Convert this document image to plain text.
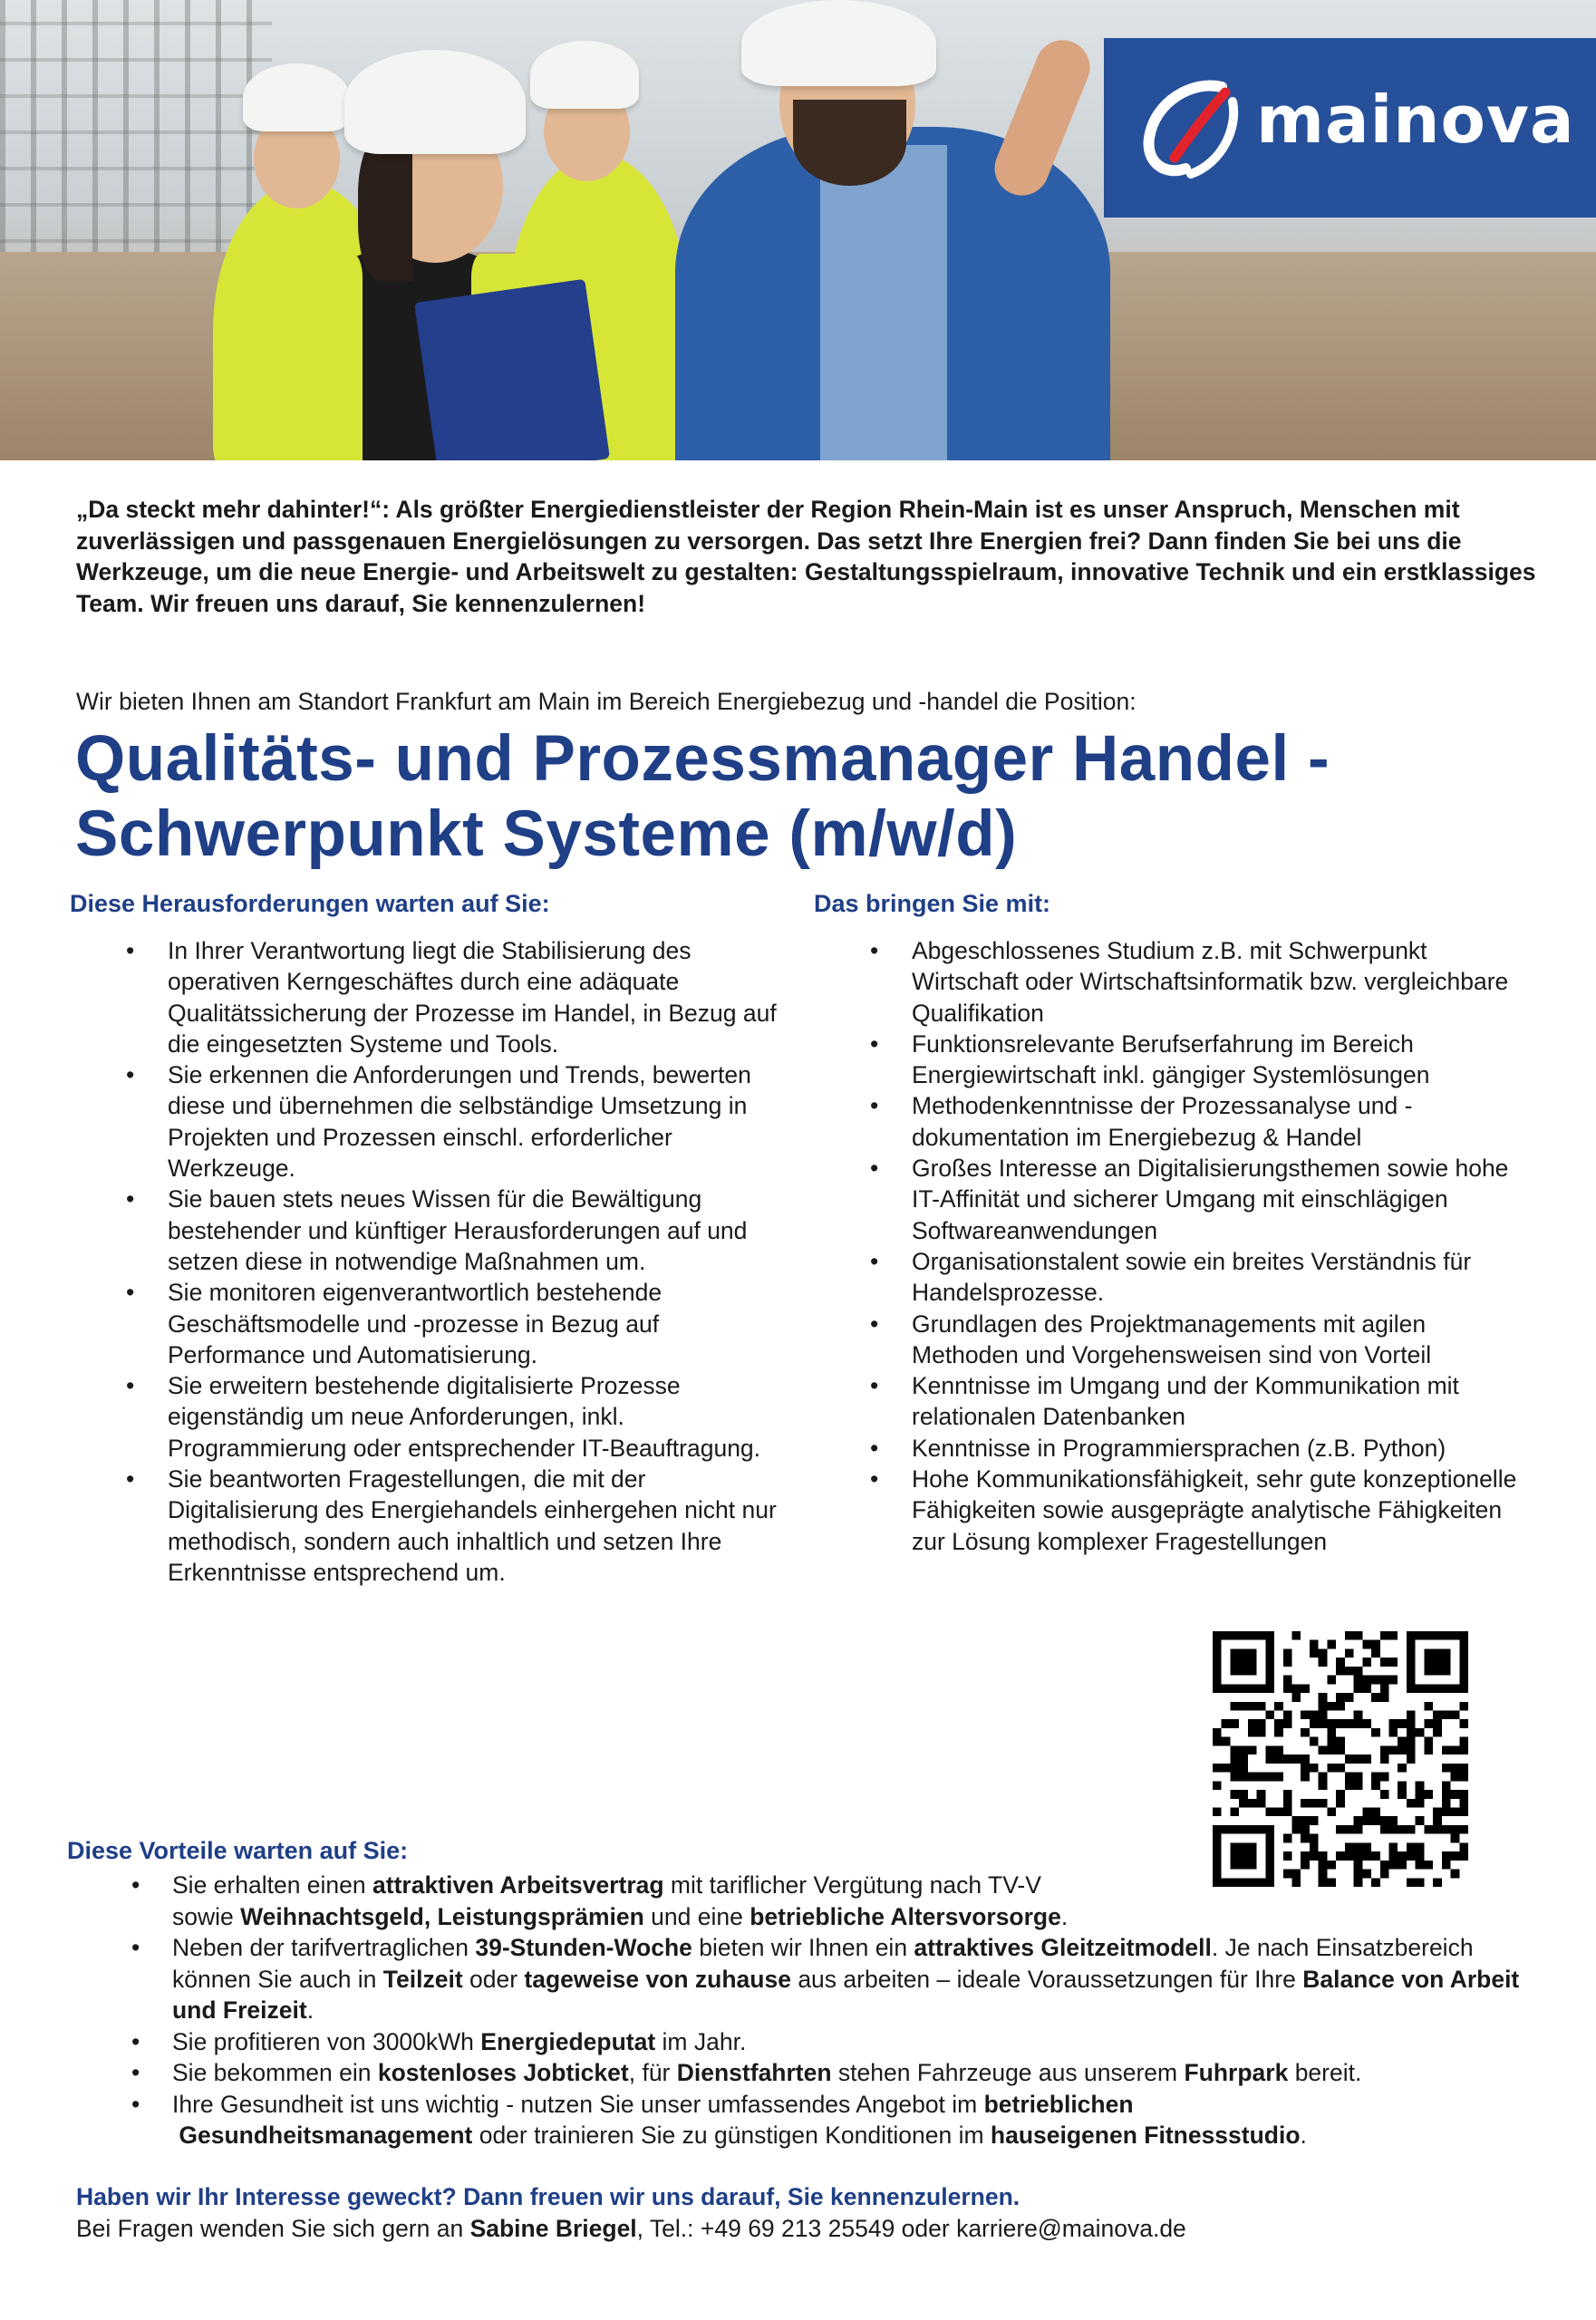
mainova
„Da steckt mehr dahinter!“: Als größter Energiedienstleister der Region Rhein-Main ist es unser Anspruch, Menschen mit zuverlässigen und passgenauen Energielösungen zu versorgen. Das setzt Ihre Energien frei? Dann finden Sie bei uns die Werkzeuge, um die neue Energie- und Arbeitswelt zu gestalten: Gestaltungsspielraum, innovative Technik und ein erstklassiges Team. Wir freuen uns darauf, Sie kennenzulernen!
Wir bieten Ihnen am Standort Frankfurt am Main im Bereich Energiebezug und -handel die Position:
Qualitäts- und Prozessmanager Handel -
Schwerpunkt Systeme (m/w/d)
Diese Herausforderungen warten auf Sie:
• In Ihrer Verantwortung liegt die Stabilisierung des operativen Kerngeschäftes durch eine adäquate Qualitätssicherung der Prozesse im Handel, in Bezug auf die eingesetzten Systeme und Tools.
• Sie erkennen die Anforderungen und Trends, bewerten diese und übernehmen die selbständige Umsetzung in Projekten und Prozessen einschl. erforderlicher Werkzeuge.
• Sie bauen stets neues Wissen für die Bewältigung bestehender und künftiger Herausforderungen auf und setzen diese in notwendige Maßnahmen um.
• Sie monitoren eigenverantwortlich bestehende Geschäftsmodelle und -prozesse in Bezug auf Performance und Automatisierung.
• Sie erweitern bestehende digitalisierte Prozesse eigenständig um neue Anforderungen, inkl. Programmierung oder entsprechender IT-Beauftragung.
• Sie beantworten Fragestellungen, die mit der Digitalisierung des Energiehandels einhergehen nicht nur methodisch, sondern auch inhaltlich und setzen Ihre Erkenntnisse entsprechend um.
Das bringen Sie mit:
• Abgeschlossenes Studium z.B. mit Schwerpunkt Wirtschaft oder Wirtschaftsinformatik bzw. vergleichbare Qualifikation
• Funktionsrelevante Berufserfahrung im Bereich Energiewirtschaft inkl. gängiger Systemlösungen
• Methodenkenntnisse der Prozessanalyse und -dokumentation im Energiebezug & Handel
• Großes Interesse an Digitalisierungsthemen sowie hohe IT-Affinität und sicherer Umgang mit einschlägigen Softwareanwendungen
• Organisationstalent sowie ein breites Verständnis für Handelsprozesse.
• Grundlagen des Projektmanagements mit agilen Methoden und Vorgehensweisen sind von Vorteil
• Kenntnisse im Umgang und der Kommunikation mit relationalen Datenbanken
• Kenntnisse in Programmiersprachen (z.B. Python)
• Hohe Kommunikationsfähigkeit, sehr gute konzeptionelle Fähigkeiten sowie ausgeprägte analytische Fähigkeiten zur Lösung komplexer Fragestellungen
Diese Vorteile warten auf Sie:
• Sie erhalten einen attraktiven Arbeitsvertrag mit tariflicher Vergütung nach TV-V
sowie Weihnachtsgeld, Leistungsprämien und eine betriebliche Altersvorsorge.
• Neben der tarifvertraglichen 39-Stunden-Woche bieten wir Ihnen ein attraktives Gleitzeitmodell. Je nach Einsatzbereich können Sie auch in Teilzeit oder tageweise von zuhause aus arbeiten – ideale Voraussetzungen für Ihre Balance von Arbeit und Freizeit.
• Sie profitieren von 3000kWh Energiedeputat im Jahr.
• Sie bekommen ein kostenloses Jobticket, für Dienstfahrten stehen Fahrzeuge aus unserem Fuhrpark bereit.
• Ihre Gesundheit ist uns wichtig - nutzen Sie unser umfassendes Angebot im betrieblichen
Gesundheitsmanagement oder trainieren Sie zu günstigen Konditionen im hauseigenen Fitnessstudio.
Haben wir Ihr Interesse geweckt? Dann freuen wir uns darauf, Sie kennenzulernen.
Bei Fragen wenden Sie sich gern an Sabine Briegel, Tel.: +49 69 213 25549 oder karriere@mainova.de
